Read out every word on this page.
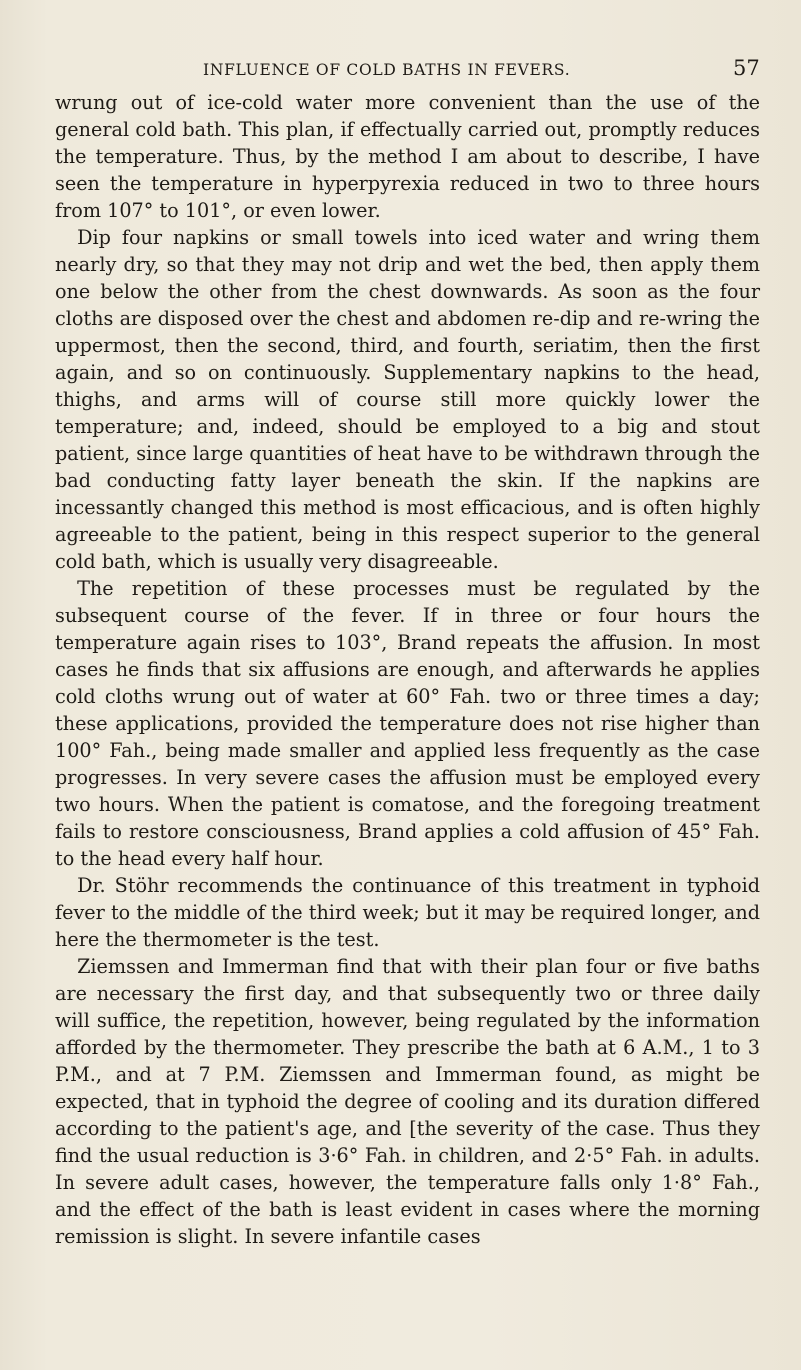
INFLUENCE OF COLD BATHS IN FEVERS.	57

wrung out of ice-cold water more convenient than the use of the general cold bath. This plan, if effectually carried out, promptly reduces the temperature. Thus, by the method I am about to describe, I have seen the temperature in hyperpyrexia reduced in two to three hours from 107° to 101°, or even lower.

Dip four napkins or small towels into iced water and wring them nearly dry, so that they may not drip and wet the bed, then apply them one below the other from the chest downwards. As soon as the four cloths are disposed over the chest and abdomen re-dip and re-wring the uppermost, then the second, third, and fourth, seriatim, then the first again, and so on continuously. Supplementary napkins to the head, thighs, and arms will of course still more quickly lower the temperature; and, indeed, should be employed to a big and stout patient, since large quantities of heat have to be withdrawn through the bad conducting fatty layer beneath the skin. If the napkins are incessantly changed this method is most efficacious, and is often highly agreeable to the patient, being in this respect superior to the general cold bath, which is usually very disagreeable.

The repetition of these processes must be regulated by the subsequent course of the fever. If in three or four hours the temperature again rises to 103°, Brand repeats the affusion. In most cases he finds that six affusions are enough, and afterwards he applies cold cloths wrung out of water at 60° Fah. two or three times a day; these applications, provided the temperature does not rise higher than 100° Fah., being made smaller and applied less frequently as the case progresses. In very severe cases the affusion must be employed every two hours. When the patient is comatose, and the foregoing treatment fails to restore consciousness, Brand applies a cold affusion of 45° Fah. to the head every half hour.

Dr. Stöhr recommends the continuance of this treatment in typhoid fever to the middle of the third week; but it may be required longer, and here the thermometer is the test.

Ziemssen and Immerman find that with their plan four or five baths are necessary the first day, and that subsequently two or three daily will suffice, the repetition, however, being regulated by the information afforded by the thermometer. They prescribe the bath at 6 A.M., 1 to 3 P.M., and at 7 P.M. Ziemssen and Immerman found, as might be expected, that in typhoid the degree of cooling and its duration differed according to the patient's age, and [the severity of the case. Thus they find the usual reduction is 3·6° Fah. in children, and 2·5° Fah. in adults. In severe adult cases, however, the temperature falls only 1·8° Fah., and the effect of the bath is least evident in cases where the morning remission is slight. In severe infantile cases
